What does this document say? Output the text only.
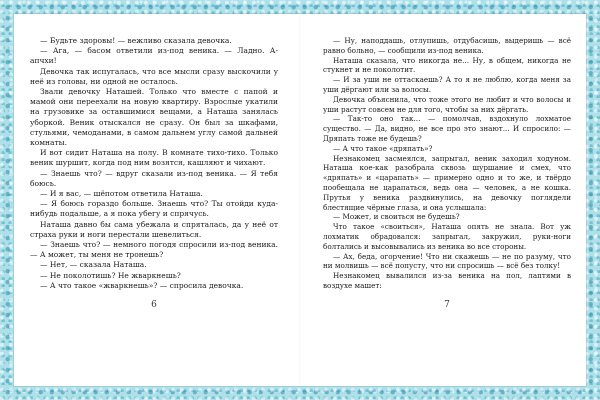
— Будьте здоровы! — вежливо сказала девочка.

— Ага, — басом ответили из-под веника. — Ладно. А-апчхи!

Девочка так испугалась, что все мысли сразу выскочили у неё из головы, ни одной не осталось.

Звали девочку Наташей. Только что вместе с папой и мамой они переехали на новую квартиру. Взрослые укатили на грузовике за оставшимися вещами, а Наташа занялась уборкой. Веник отыскался не сразу. Он был за шкафами, стульями, чемоданами, в самом дальнем углу самой дальней комнаты.

И вот сидит Наташа на полу. В комнате тихо-тихо. Только веник шуршит, когда под ним возятся, кашляют и чихают.

— Знаешь что? — вдруг сказали из-под веника. — Я тебя боюсь.

— И я вас, — шёпотом ответила Наташа.

— Я боюсь гораздо больше. Знаешь что? Ты отойди куда-нибудь подальше, а я пока убегу и спрячусь.

Наташа давно бы сама убежала и спряталась, да у неё от страха руки и ноги перестали шевелиться.

— Знаешь что? — немного погодя спросили из-под веника. — А может, ты меня не тронешь?

— Нет, — сказала Наташа.

— Не поколотишь? Не жваркнешь?

— А что такое «жваркнешь»? — спросила девочка.

6

— Ну, наподдашь, отлупишь, отдубасишь, выдеришь — всё равно больно, — сообщили из-под веника.

Наташа сказала, что никогда не... Ну, в общем, никогда не стукнет и не поколотит.

— И за уши не оттаскаешь? А то я не люблю, когда меня за уши дёргают или за волосы.

Девочка объяснила, что тоже этого не любит и что волосы и уши растут совсем не для того, чтобы за них дёргать.

— Так-то оно так... — помолчав, вздохнуло лохматое существо. — Да, видно, не все про это знают... И спросило: — Дряпать тоже не будешь?

— А что такое «дряпать»?

Незнакомец засмеялся, запрыгал, веник заходил ходуном. Наташа кое-как разобрала сквозь шуршание и смех, что «дряпать» и «царапать» — примерно одно и то же, и твёрдо пообещала не царапаться, ведь она — человек, а не кошка. Прутья у веника раздвинулись, на девочку поглядели блестящие чёрные глаза, и она услышала:

— Может, и своиться не будешь?

Что такое «своиться», Наташа опять не знала. Вот уж лохматик обрадовался: запрыгал, закружил, руки-ноги болтались и высовывались из веника во все стороны.

— Ах, беда, огорчение! Что ни скажешь — не по разуму, что ни молвишь — всё попусту, что ни спросишь — всё без толку!

Незнакомец вывалился из-за веника на пол, лаптями в воздухе машет:

7
